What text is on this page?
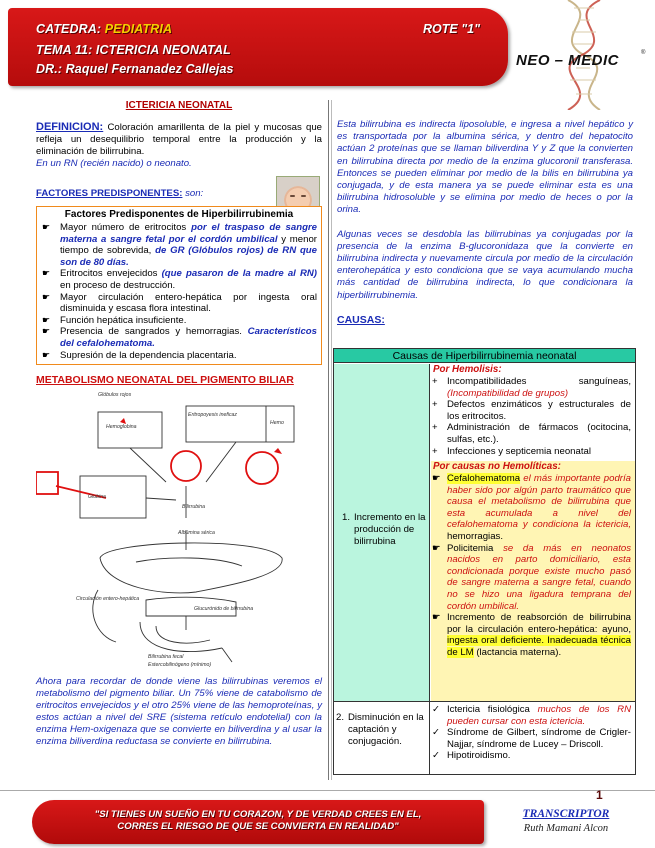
CATEDRA: PEDIATRIA	ROTE "1"
TEMA 11: ICTERICIA NEONATAL
DR.: Raquel Fernanadez Callejas	NEO – MEDIC	®
ICTERICIA NEONATAL
DEFINICION: Coloración amarillenta de la piel y mucosas que refleja un desequilibrio temporal entre la producción y la eliminación de bilirrubina.
En un RN (recién nacido) o neonato.
FACTORES PREDISPONENTES: son:
Factores Predisponentes de Hiperbilirrubinemia
☛ Mayor número de eritrocitos por el traspaso de sangre materna a sangre fetal por el cordón umbilical y menor tiempo de sobrevida, de GR (Glóbulos rojos) de RN que son de 80 días.
☛ Eritrocitos envejecidos (que pasaron de la madre al RN) en proceso de destrucción.
☛ Mayor circulación entero-hepática por ingesta oral disminuida y escasa flora intestinal.
☛ Función hepática insuficiente.
☛ Presencia de sangrados y hemorragias. Característicos del cefalohematoma.
☛ Supresión de la dependencia placentaria.
METABOLISMO NEONATAL DEL PIGMENTO BILIAR
Glóbulos rojos
Eritropoyesis ineficaz
Hemoglobina
Hemo
Globina
Bilirrubina
Albúmina sérica
Circulación entero-hepática
Glucurónido de bilirrubina
Bilirrubina fecal
Estercobilinógeno (mínimo)
Ahora para recordar de donde viene las bilirrubinas veremos el metabolismo del pigmento biliar. Un 75% viene de catabolismo de eritrocitos envejecidos y el otro 25% viene de las hemoproteínas, y estos actúan a nivel del SRE (sistema retículo endotelial) con la enzima Hem-oxigenaza que se convierte en biliverdina y al usar la enzima biliverdina reductasa se convierte en bilirrubina.
Esta bilirrubina es indirecta liposoluble, e ingresa a nivel hepático y es transportada por la albumina sérica, y dentro del hepatocito actúan 2 proteínas que se llaman biliverdina Y y Z que la convierten en bilirrubina directa por medio de la enzima glucoronil transferasa. Entonces se pueden eliminar por medio de la bilis en bilirrubina ya conjugada, y de esta manera ya se puede eliminar esta es una bilirrubina hidrosoluble y se elimina por medio de heces o por la orina.
Algunas veces se desdobla las bilirrubinas ya conjugadas por la presencia de la enzima B-glucoronidaza que la convierte en bilirrubina indirecta y nuevamente circula por medio de la circulación enterohepática y esto condiciona que se vaya acumulando mucha más cantidad de bilirrubina indirecta, lo que condicionara la hiperbilirrubinemia.
CAUSAS:
Causas de Hiperbilirrubinemia neonatal
1. Incremento en la producción de bilirrubina
Por Hemolisis:
+ Incompatibilidades sanguíneas, (Incompatibilidad de grupos)
+ Defectos enzimáticos y estructurales de los eritrocitos.
+ Administración de fármacos (ocitocina, sulfas, etc.).
+ Infecciones y septicemia neonatal
Por causas no Hemolíticas:
☛ Cefalohematoma el más importante podría haber sido por algún parto traumático que causa el metabolismo de bilirrubina que esta acumulada a nivel del cefalohematoma y condiciona la ictericia, hemorragias.
☛ Policitemia se da más en neonatos nacidos en parto domiciliario, esta condicionada porque existe mucho pasó de sangre materna a sangre fetal, cuando no se hizo una ligadura temprana del cordón umbilical.
☛ Incremento de reabsorción de bilirrubina por la circulación entero-hepática: ayuno, ingesta oral deficiente. Inadecuada técnica de LM (lactancia materna).
2. Disminución en la captación y conjugación.
✓ Ictericia fisiológica muchos de los RN pueden cursar con esta ictericia.
✓ Síndrome de Gilbert, síndrome de Crigler-Najjar, síndrome de Lucey – Driscoll.
✓ Hipotiroidismo.
1
"SI TIENES UN SUEÑO EN TU CORAZON, Y DE VERDAD CREES EN EL,
CORRES EL RIESGO DE QUE SE CONVIERTA EN REALIDAD"
TRANSCRIPTOR
Ruth Mamani Alcon
